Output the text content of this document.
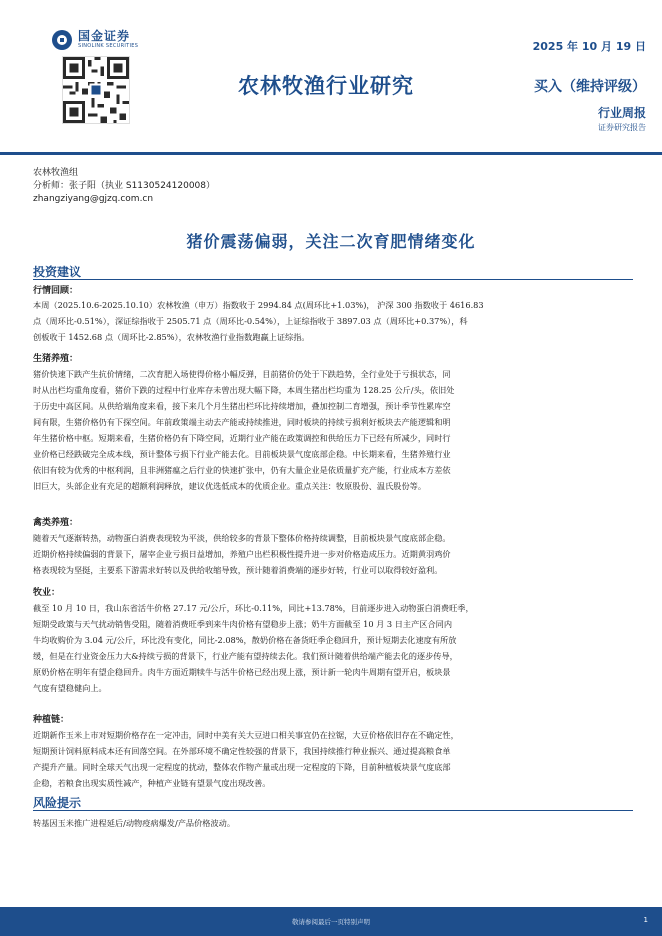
国金证券
SINOLINK SECURITIES	2025 年 10 月 19 日
农林牧渔行业研究	买入（维持评级）
行业周报
证券研究报告
农林牧渔组
分析师：张子阳（执业 S1130524120008）
zhangziyang@gjzq.com.cn
猪价震荡偏弱，关注二次育肥情绪变化
投资建议
行情回顾：
本周（2025.10.6-2025.10.10）农林牧渔（申万）指数收于 2994.84 点(周环比+1.03%)， 沪深 300 指数收于 4616.83
点（周环比-0.51%），深证综指收于 2505.71 点（周环比-0.54%），上证综指收于 3897.03 点（周环比+0.37%），科
创板收于 1452.68 点（周环比-2.85%），农林牧渔行业指数跑赢上证综指。
生猪养殖：
猪价快速下跌产生抗价情绪，二次育肥入场使得价格小幅反弹，目前猪价仍处于下跌趋势，全行业处于亏损状态，同
时从出栏均重角度看，猪价下跌的过程中行业库存未曾出现大幅下降，本周生猪出栏均重为 128.25 公斤/头，依旧处
于历史中高区间。从供给端角度来看，接下来几个月生猪出栏环比持续增加，叠加控制二育增强，预计季节性累库空
间有限，生猪价格仍有下探空间。年前政策端主动去产能或持续推进，同时板块的持续亏损利好板块去产能逻辑和明
年生猪价格中枢。短期来看，生猪价格仍有下降空间，近期行业产能在政策调控和供给压力下已经有所减少，同时行
业价格已经跌破完全成本线，预计整体亏损下行业产能去化。目前板块景气度底部企稳。中长期来看，生猪养殖行业
依旧有较为优秀的中枢利润，且非洲猪瘟之后行业的快速扩张中，仍有大量企业是依质量扩充产能，行业成本方差依
旧巨大，头部企业有充足的超额利润释放，建议优选低成本的优质企业。重点关注：牧原股份、温氏股份等。
禽类养殖：
随着天气逐渐转热，动物蛋白消费表现较为平淡，供给较多的背景下整体价格持续调整，目前板块景气度底部企稳。
近期价格持续偏弱的背景下，屠宰企业亏损日益增加，养殖户出栏积极性提升进一步对价格造成压力。近期黄羽鸡价
格表现较为坚挺，主要系下游需求好转以及供给收缩导致，预计随着消费端的逐步好转，行业可以取得较好盈利。
牧业：
截至 10 月 10 日，我山东省活牛价格 27.17 元/公斤，环比-0.11%，同比+13.78%，目前逐步进入动物蛋白消费旺季，
短期受政策与天气扰动销售受阻，随着消费旺季到来牛肉价格有望稳步上涨；奶牛方面截至 10 月 3 日主产区合同内
牛均收购价为 3.04 元/公斤，环比没有变化，同比-2.08%，散奶价格在备货旺季企稳回升，预计短期去化速度有所放
缓，但是在行业资金压力大&持续亏损的背景下，行业产能有望持续去化。我们预计随着供给端产能去化的逐步传导，
原奶价格在明年有望企稳回升。肉牛方面近期犊牛与活牛价格已经出现上涨，预计新一轮肉牛周期有望开启，板块景
气度有望稳健向上。
种植链：
近期新作玉米上市对短期价格存在一定冲击，同时中美有关大豆进口相关事宜仍在拉锯，大豆价格依旧存在不确定性，
短期预计饲料原料成本还有回落空间。在外部环境不确定性较强的背景下，我国持续推行种业振兴、通过提高粮食单
产提升产量。同时全球天气出现一定程度的扰动，整体农作物产量或出现一定程度的下降，目前种植板块景气度底部
企稳，若粮食出现实质性减产，种植产业链有望景气度出现改善。
风险提示
转基因玉米推广进程延后/动物疫病爆发/产品价格波动。
敬请参阅最后一页特别声明	1
